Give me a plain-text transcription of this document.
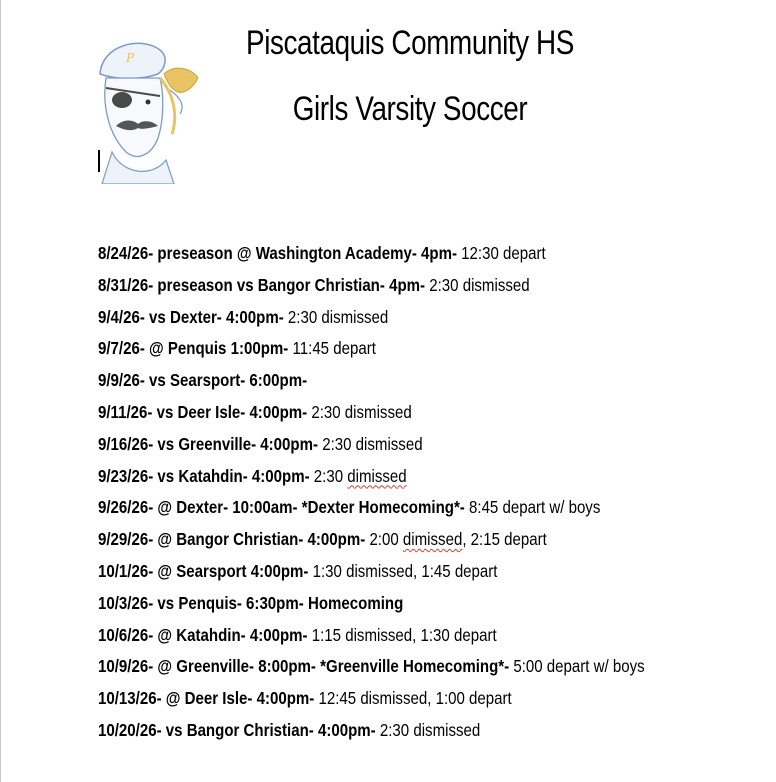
P	Piscataquis Community HS
Girls Varsity Soccer
8/24/26- preseason @ Washington Academy- 4pm- 12:30 depart
8/31/26- preseason vs Bangor Christian- 4pm- 2:30 dismissed
9/4/26- vs Dexter- 4:00pm- 2:30 dismissed
9/7/26- @ Penquis 1:00pm- 11:45 depart
9/9/26- vs Searsport- 6:00pm-
9/11/26- vs Deer Isle- 4:00pm- 2:30 dismissed
9/16/26- vs Greenville- 4:00pm- 2:30 dismissed
9/23/26- vs Katahdin- 4:00pm- 2:30 dimissed
9/26/26- @ Dexter- 10:00am- *Dexter Homecoming*- 8:45 depart w/ boys
9/29/26- @ Bangor Christian- 4:00pm- 2:00 dimissed, 2:15 depart
10/1/26- @ Searsport 4:00pm- 1:30 dismissed, 1:45 depart
10/3/26- vs Penquis- 6:30pm- Homecoming
10/6/26- @ Katahdin- 4:00pm- 1:15 dismissed, 1:30 depart
10/9/26- @ Greenville- 8:00pm- *Greenville Homecoming*- 5:00 depart w/ boys
10/13/26- @ Deer Isle- 4:00pm- 12:45 dismissed, 1:00 depart
10/20/26- vs Bangor Christian- 4:00pm- 2:30 dismissed
